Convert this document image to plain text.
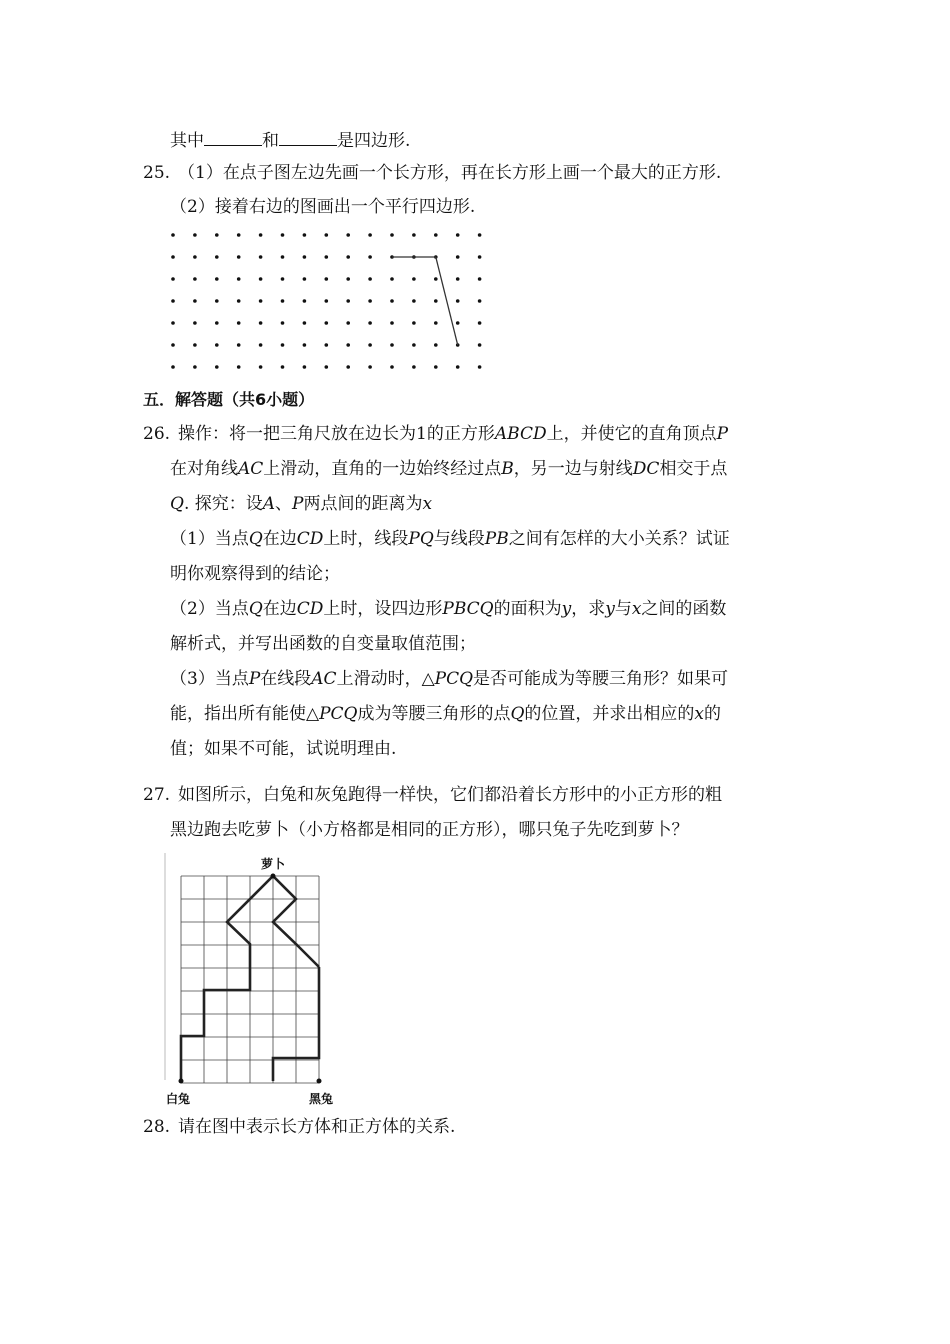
其中	和	是四边形.
25. （1）在点子图左边先画一个长方形，再在长方形上画一个最大的正方形.
（2）接着右边的图画出一个平行四边形.
五．解答题（共6小题）
26. 操作：将一把三角尺放在边长为1的正方形ABCD上，并使它的直角顶点P
在对角线AC上滑动，直角的一边始终经过点B，另一边与射线DC相交于点
Q. 探究：设A、P两点间的距离为x
（1）当点Q在边CD上时，线段PQ与线段PB之间有怎样的大小关系？试证
明你观察得到的结论；
（2）当点Q在边CD上时，设四边形PBCQ的面积为y，求y与x之间的函数
解析式，并写出函数的自变量取值范围；
（3）当点P在线段AC上滑动时，△PCQ是否可能成为等腰三角形？如果可
能，指出所有能使△PCQ成为等腰三角形的点Q的位置，并求出相应的x的
值；如果不可能，试说明理由.
27. 如图所示，白兔和灰兔跑得一样快，它们都沿着长方形中的小正方形的粗
黑边跑去吃萝卜（小方格都是相同的正方形），哪只兔子先吃到萝卜？
萝卜
白兔	黑兔
28. 请在图中表示长方体和正方体的关系.
